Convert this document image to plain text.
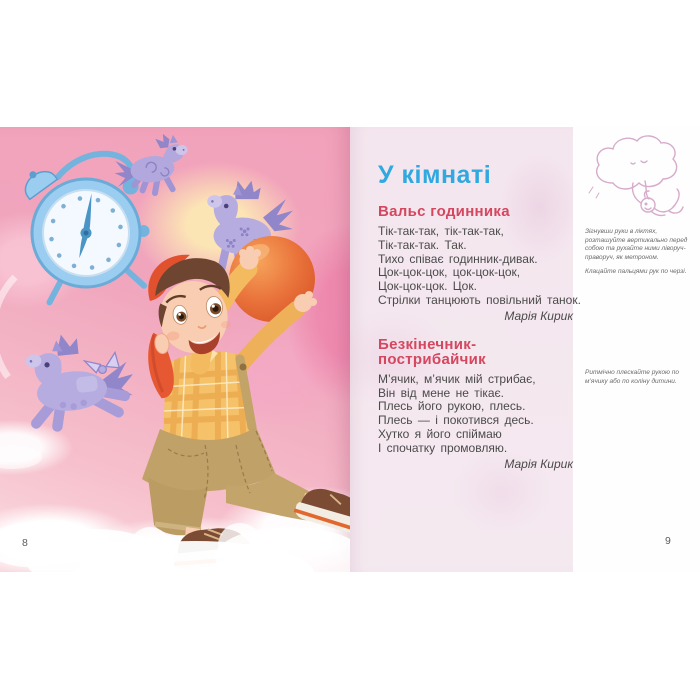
8
У кімнаті
Вальс годинника
Тік-так-так, тік-так-так,
Тік-так-так. Так.
Тихо співає годинник-дивак.
Цок-цок-цок, цок-цок-цок,
Цок-цок-цок. Цок.
Стрілки танцюють повільний танок.
Марія Кирик
Безкінечник-
пострибайчик
М’ячик, м’ячик мій стрибає,
Він від мене не тікає.
Плесь його рукою, плесь.
Плесь — і покотився десь.
Хутко я його спіймаю
І спочатку промовляю.
Марія Кирик

Зігнувши руки в ліктях, розташуйте вертикально перед собою та рухайте ними ліворуч-праворуч, як метроном.

Клацайте пальцями рук по черзі.

Ритмічно плескайте рукою по м’ячику або по коліну дитини.

9
